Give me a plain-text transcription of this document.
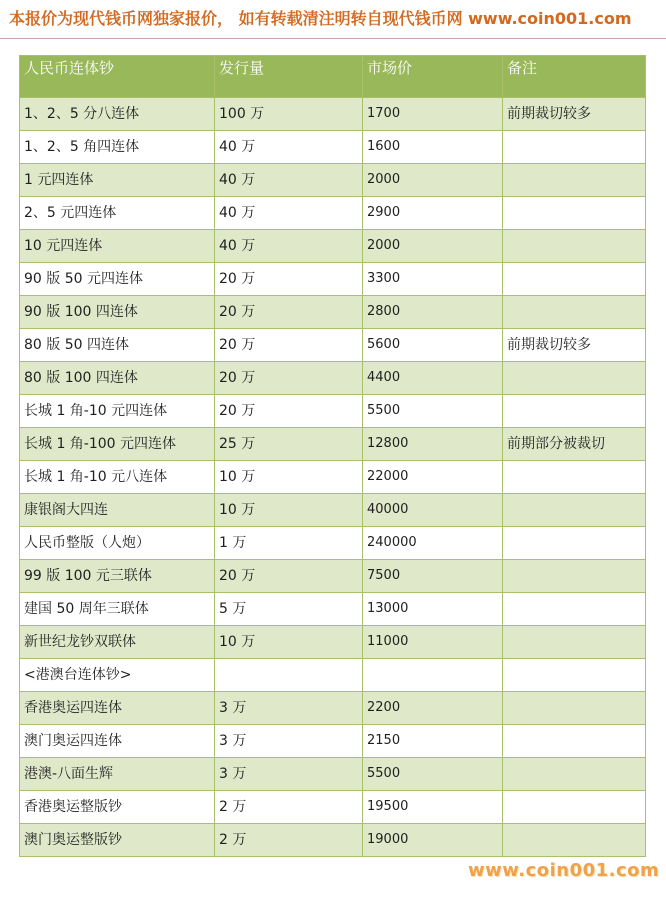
本报价为现代钱币网独家报价， 如有转载清注明转自现代钱币网 www.coin001.com
人民币连体钞	发行量	市场价	备注
1、2、5 分八连体	100 万	1700	前期裁切较多
1、2、5 角四连体	40 万	1600	
1 元四连体	40 万	2000	
2、5 元四连体	40 万	2900	
10 元四连体	40 万	2000	
90 版 50 元四连体	20 万	3300	
90 版 100 四连体	20 万	2800	
80 版 50 四连体	20 万	5600	前期裁切较多
80 版 100 四连体	20 万	4400	
长城 1 角-10 元四连体	20 万	5500	
长城 1 角-100 元四连体	25 万	12800	前期部分被裁切
长城 1 角-10 元八连体	10 万	22000	
康银阁大四连	10 万	40000	
人民币整版（人炮）	1 万	240000	
99 版 100 元三联体	20 万	7500	
建国 50 周年三联体	5 万	13000	
新世纪龙钞双联体	10 万	11000	
<港澳台连体钞>			
香港奥运四连体	3 万	2200	
澳门奥运四连体	3 万	2150	
港澳-八面生辉	3 万	5500	
香港奥运整版钞	2 万	19500	
澳门奥运整版钞	2 万	19000	
www.coin001.com
